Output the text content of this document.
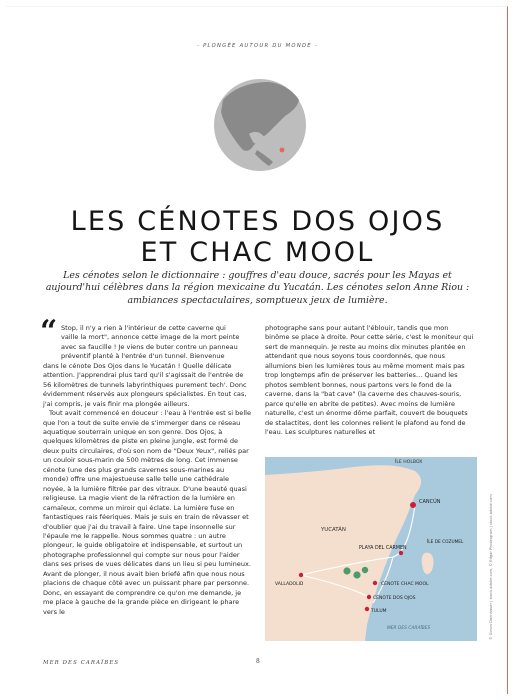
- PLONGÉE AUTOUR DU MONDE -
LES CÉNOTES DOS OJOS
ET CHAC MOOL

Les cénotes selon le dictionnaire : gouffres d'eau douce, sacrés pour les Mayas et aujourd'hui célèbres dans la région mexicaine du Yucatán. Les cénotes selon Anne Riou : ambiances spectaculaires, somptueux jeux de lumière.

“ Stop, il n'y a rien à l'intérieur de cette caverne qui
vaille la mort", annonce cette image de la mort peinte
avec sa faucille ! Je viens de buter contre un panneau
préventif planté à l'entrée d'un tunnel. Bienvenue

dans le cénote Dos Ojos dans le Yucatán ! Quelle délicate attention. J'apprendrai plus tard qu'il s'agissait de l'entrée de 56 kilomètres de tunnels labyrinthiques purement tech'. Donc évidemment réservés aux plongeurs spécialistes. En tout cas, j'ai compris, je vais finir ma plongée ailleurs.

Tout avait commencé en douceur : l'eau à l'entrée est si belle que l'on a tout de suite envie de s'immerger dans ce réseau aquatique souterrain unique en son genre. Dos Ojos, à quelques kilomètres de piste en pleine jungle, est formé de deux puits circulaires, d'où son nom de "Deux Yeux", reliés par un couloir sous-marin de 500 mètres de long. Cet immense cénote (une des plus grands cavernes sous-marines au monde) offre une majestueuse salle telle une cathédrale noyée, à la lumière filtrée par des vitraux. D'une beauté quasi religieuse. La magie vient de la réfraction de la lumière en camaïeux, comme un miroir qui éclate. La lumière fuse en fantastiques rais féeriques. Mais je suis en train de rêvasser et d'oublier que j'ai du travail à faire. Une tape insonnelle sur l'épaule me le rappelle. Nous sommes quatre : un autre plongeur, le guide obligatoire et indispensable, et surtout un photographe professionnel qui compte sur nous pour l'aider dans ses prises de vues délicates dans un lieu si peu lumineux. Avant de plonger, il nous avait bien briefé afin que nous nous placions de chaque côté avec un puissant phare par personne. Donc, en essayant de comprendre ce qu'on me demande, je me place à gauche de la grande pièce en dirigeant le phare vers le

photographe sans pour autant l'éblouir, tandis que mon binôme se place à droite. Pour cette série, c'est le moniteur qui sert de mannequin. Je reste au moins dix minutes plantée en attendant que nous soyons tous coordonnés, que nous allumions bien les lumières tous au même moment mais pas trop longtemps afin de préserver les batteries… Quand les photos semblent bonnes, nous partons vers le fond de la caverne, dans la "bat cave" (la caverne des chauves-souris, parce qu'elle en abrite de petites). Avec moins de lumière naturelle, c'est un énorme dôme parfait, couvert de bouquets de stalactites, dont les colonnes relient le plafond au fond de l'eau. Les sculptures naturelles et

ÎLE HOLBOX
CANCÚN
YUCATÁN
PLAYA DEL CARMEN
ÎLE DE COZUMEL
VALLADOLID	CÉNOTE CHAC MOOL
CÉNOTE DOS OJOS
TULUM
MER DES CARAÏBES
MER DES CARAÏBES	8
© Simon Dannhauer | stock.adobe.com, © Edgar Photosgram | stock.adobe.com
